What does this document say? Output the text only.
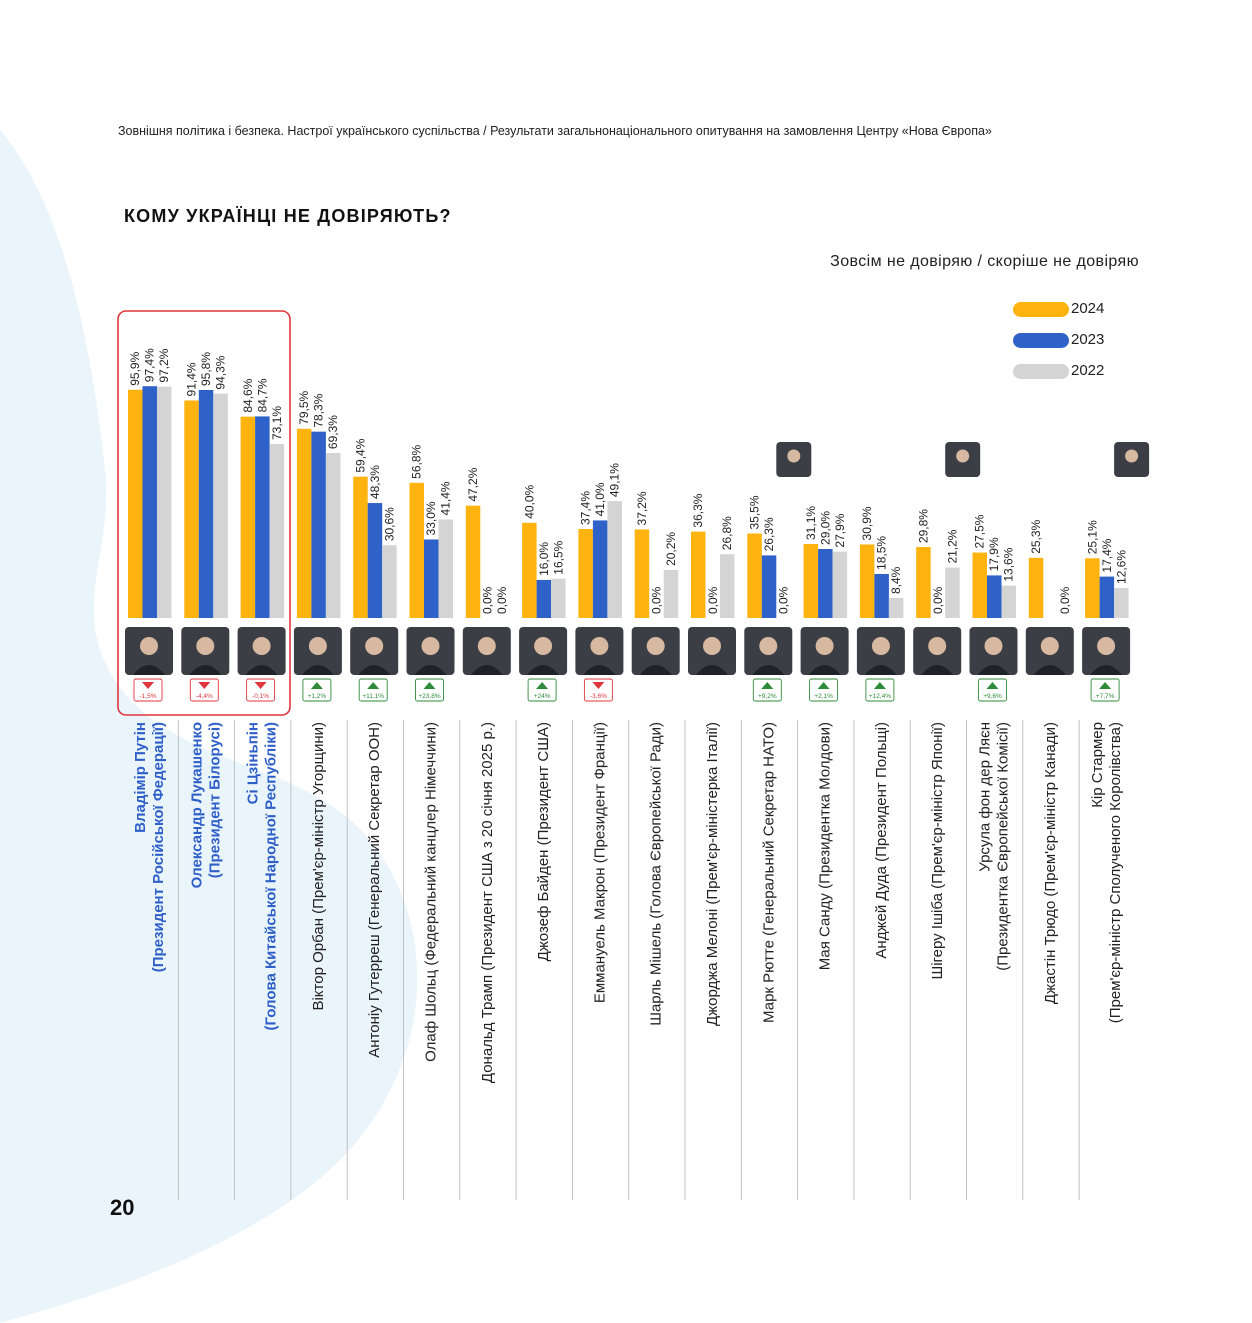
Зовнішня політика і безпека. Настрої українського суспільства / Результати загальнонаціонального опитування на замовлення Центру «Нова Європа»
КОМУ УКРАЇНЦІ НЕ ДОВІРЯЮТЬ?
Зовсім не довіряю / скоріше не довіряю
2024
2023
2022
95,9% 97,4% 97,2%
-1,5%
Владімір Путін (Президент Російської Федерації)
91,4% 95,8% 94,3%
-4,4%
Олександр Лукашенко (Президент Білорусі)
84,6% 84,7%
73,1%
-0,1%
Сі Цзіньпін (Голова Китайської Народної Республіки)
79,5% 78,3%
69,3%
+1,2%
Віктор Орбан (Прем'єр-міністр Угорщини)
59,4%
48,3%
30,6%
+11,1%
Антоніу Гутерреш (Генеральний Секретар ООН)
56,8%
33,0%
41,4%
+23,8%
Олаф Шольц (Федеральний канцлер Німеччини)
47,2%
0,0% 0,0%
Дональд Трамп (Президент США з 20 січня 2025 р.)
40,0%
16,0% 16,5%
+24%
Джозеф Байден (Президент США)
37,4% 41,0%
49,1%
-3,6%
Еммануель Макрон (Президент Франції)
37,2%
0,0%
20,2%
Шарль Мішель (Голова Європейської Ради)
36,3%
0,0%
26,8%
Джорджа Мелоні (Прем'єр-міністерка Італії)
35,5%
26,3%
0,0%
+9,2%
Марк Рютте (Генеральний Секретар НАТО)
31,1% 29,0% 27,9%
+2,1%
Мая Санду (Президентка Молдови)
30,9%
18,5%
8,4%
+12,4%
Анджей Дуда (Президент Польщі)
29,8%
0,0%
21,2%
Шігеру Ішіба (Прем'єр-міністр Японії)
27,5%
17,9% 13,6%
+9,6%
Урсула фон дер Ляєн (Президентка Європейської Комісії)
25,3%
0,0%
Джастін Трюдо (Прем'єр-міністр Канади)
25,1%
17,4% 12,6%
+7,7%
Кір Стармер (Прем'єр-міністр Сполученого Королівства)
20
